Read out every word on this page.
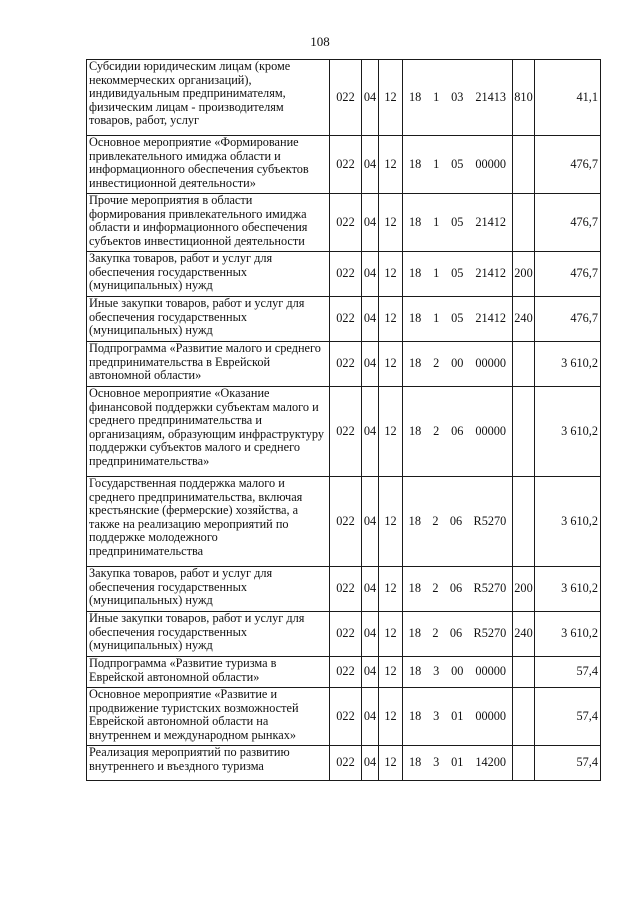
108
Субсидии юридическим лицам (кроме некоммерческих организаций), индивидуальным предпринимателям, физическим лицам - производителям товаров, работ, услуг	022	04	12	18 1 03 21413	810	41,1
Основное мероприятие «Формирование привлекательного имиджа области и информационного обеспечения субъектов инвестиционной деятельности»	022	04	12	18 1 05 00000		476,7
Прочие мероприятия в области формирования привлекательного имиджа области и информационного обеспечения субъектов инвестиционной деятельности	022	04	12	18 1 05 21412		476,7
Закупка товаров, работ и услуг для обеспечения государственных (муниципальных) нужд	022	04	12	18 1 05 21412	200	476,7
Иные закупки товаров, работ и услуг для обеспечения государственных (муниципальных) нужд	022	04	12	18 1 05 21412	240	476,7
Подпрограмма «Развитие малого и среднего предпринимательства в Еврейской автономной области»	022	04	12	18 2 00 00000		3 610,2
Основное мероприятие «Оказание финансовой поддержки субъектам малого и среднего предпринимательства и организациям, образующим инфраструктуру поддержки субъектов малого и среднего предпринимательства»	022	04	12	18 2 06 00000		3 610,2
Государственная поддержка малого и среднего предпринимательства, включая крестьянские (фермерские) хозяйства, а также на реализацию мероприятий по поддержке молодежного предпринимательства	022	04	12	18 2 06 R5270		3 610,2
Закупка товаров, работ и услуг для обеспечения государственных (муниципальных) нужд	022	04	12	18 2 06 R5270	200	3 610,2
Иные закупки товаров, работ и услуг для обеспечения государственных (муниципальных) нужд	022	04	12	18 2 06 R5270	240	3 610,2
Подпрограмма «Развитие туризма в Еврейской автономной области»	022	04	12	18 3 00 00000		57,4
Основное мероприятие «Развитие и продвижение туристских возможностей Еврейской автономной области на внутреннем и международном рынках»	022	04	12	18 3 01 00000		57,4
Реализация мероприятий по развитию внутреннего и въездного туризма	022	04	12	18 3 01 14200		57,4
